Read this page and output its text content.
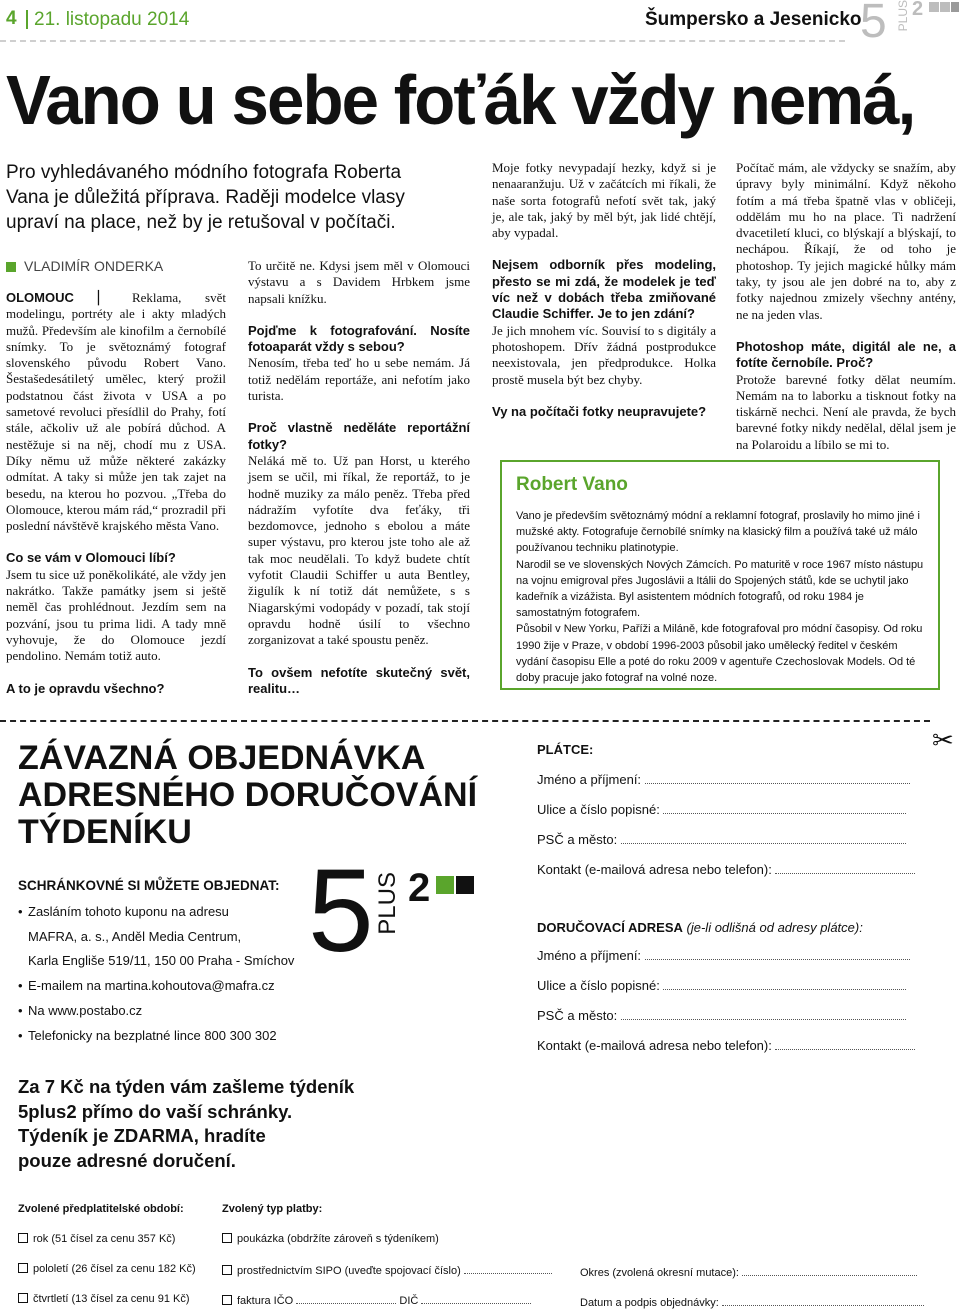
4 21. listopadu 2014	Šumpersko a Jesenicko
5 PLUS 2
Vano u sebe foťák vždy nemá,
Pro vyhledávaného módního fotografa Roberta Vana je důležitá příprava. Raději modelce vlasy upraví na place, než by je retušoval v počítači.
VLADIMÍR ONDERKA

OLOMOUC ▏ Reklama, svět modelingu, portréty ale i akty mladých mužů. Především ale kinofilm a černobílé snímky. To je světoznámý fotograf slovenského původu Robert Vano. Šestašedesátiletý umělec, který prožil podstatnou část života v USA a po sametové revoluci přesídlil do Prahy, fotí stále, ačkoliv už ale pobírá důchod. A nestěžuje si na něj, chodí mu z USA. Díky němu už může některé zakázky odmítat. A taky si může jen tak zajet na besedu, na kterou ho pozvou. „Třeba do Olomouce, kterou mám rád,“ prozradil při poslední návštěvě krajského města Vano.

Co se vám v Olomouci líbí?

Jsem tu sice už poněkolikáté, ale vždy jen nakrátko. Takže památky jsem si ještě neměl čas prohlédnout. Jezdím sem na pozvání, jsou tu prima lidi. A tady mně vyhovuje, že do Olomouce jezdí pendolino. Nemám totiž auto.

A to je opravdu všechno?

To určitě ne. Kdysi jsem měl v Olomouci výstavu a s Davidem Hrbkem jsme napsali knížku.

Pojďme k fotografování. Nosíte fotoaparát vždy s sebou?

Nenosím, třeba teď ho u sebe nemám. Já totiž nedělám reportáže, ani nefotím jako turista.

Proč vlastně neděláte reportážní fotky?

Neláká mě to. Už pan Horst, u kterého jsem se učil, mi říkal, že reportáž, to je hodně muziky za málo peněz. Třeba před nádražím vyfotíte dva feťáky, tři bezdomovce, jednoho s ebolou a máte super výstavu, pro kterou jste toho ale až tak moc neudělali. To když budete chtít vyfotit Claudii Schiffer u auta Bentley, žigulík k ní totiž dát nemůžete, s s Niagarskými vodopády v pozadí, tak stojí opravdu hodně úsilí to všechno zorganizovat a také spoustu peněz.

To ovšem nefotíte skutečný svět, realitu…

Moje fotky nevypadají hezky, když si je nenaaranžuju. Už v začátcích mi říkali, že naše sorta fotografů nefotí svět tak, jaký je, ale tak, jaký by měl být, jak lidé chtějí, aby vypadal.

Nejsem odborník přes modeling, přesto se mi zdá, že modelek je teď víc než v dobách třeba zmiňované Claudie Schiffer. Je to jen zdání?

Je jich mnohem víc. Souvisí to s digitály a photoshopem. Dřív žádná postprodukce neexistovala, jen předprodukce. Holka prostě musela být bez chyby.

Vy na počítači fotky neupravujete?

Počítač mám, ale vždycky se snažím, aby úpravy byly minimální. Když někoho fotím a má třeba špatně vlas v obličeji, oddělám mu ho na place. Ti nadržení dvacetiletí kluci, co blýskají a blýskají, to nechápou. Říkají, že od toho je photoshop. Ty jejich magické hůlky mám taky, ty jsou ale jen dobré na to, aby z fotky najednou zmizely všechny antény, ne na jeden vlas.

Photoshop máte, digitál ale ne, a fotíte černobíle. Proč?

Protože barevné fotky dělat neumím. Nemám na to laborku a tisknout fotky na tiskárně nechci. Není ale pravda, že bych barevné fotky nikdy nedělal, dělal jsem je na Polaroidu a líbilo se mi to.

Robert Vano

Vano je především světoznámý módní a reklamní fotograf, proslavily ho mimo jiné i mužské akty. Fotografuje černobílé snímky na klasický film a používá také už málo používanou techniku platinotypie.

Narodil se ve slovenských Nových Zámcích. Po maturitě v roce 1967 místo nástupu na vojnu emigroval přes Jugoslávii a Itálii do Spojených států, kde se uchytil jako kadeřník a vizážista. Byl asistentem módních fotografů, od roku 1984 je samostatným fotografem.

Působil v New Yorku, Paříži a Miláně, kde fotografoval pro módní časopisy. Od roku 1990 žije v Praze, v období 1996-2003 působil jako umělecký ředitel v českém vydání časopisu Elle a poté do roku 2009 v agentuře Czechoslovak Models. Od té doby pracuje jako fotograf na volné noze.

✂
ZÁVAZNÁ OBJEDNÁVKA
ADRESNÉHO DORUČOVÁNÍ
TÝDENÍKU
SCHRÁNKOVNÉ SI MŮŽETE OBJEDNAT:
• Zasláním tohoto kuponu na adresu
MAFRA, a. s., Anděl Media Centrum,
Karla Engliše 519/11, 150 00 Praha - Smíchov
• E-mailem na martina.kohoutova@mafra.cz
• Na www.postabo.cz
• Telefonicky na bezplatné lince 800 300 302
Za 7 Kč na týden vám zašleme týdeník
5plus2 přímo do vaší schránky.
Týdeník je ZDARMA, hradíte
pouze adresné doručení.
5 PLUS 2
PLÁTCE:
Jméno a příjmení:
Ulice a číslo popisné:
PSČ a město:
Kontakt (e-mailová adresa nebo telefon):
DORUČOVACÍ ADRESA (je-li odlišná od adresy plátce):
Jméno a příjmení:
Ulice a číslo popisné:
PSČ a město:
Kontakt (e-mailová adresa nebo telefon):
Zvolené předplatitelské období:	Zvolený typ platby:
rok (51 čísel za cenu 357 Kč)
pololetí (26 čísel za cenu 182 Kč)
čtvrtletí (13 čísel za cenu 91 Kč)
poukázka (obdržíte zároveň s týdeníkem)
prostřednictvím SIPO (uveďte spojovací číslo)
faktura IČO	DIČ
Okres (zvolená okresní mutace):
Datum a podpis objednávky:
